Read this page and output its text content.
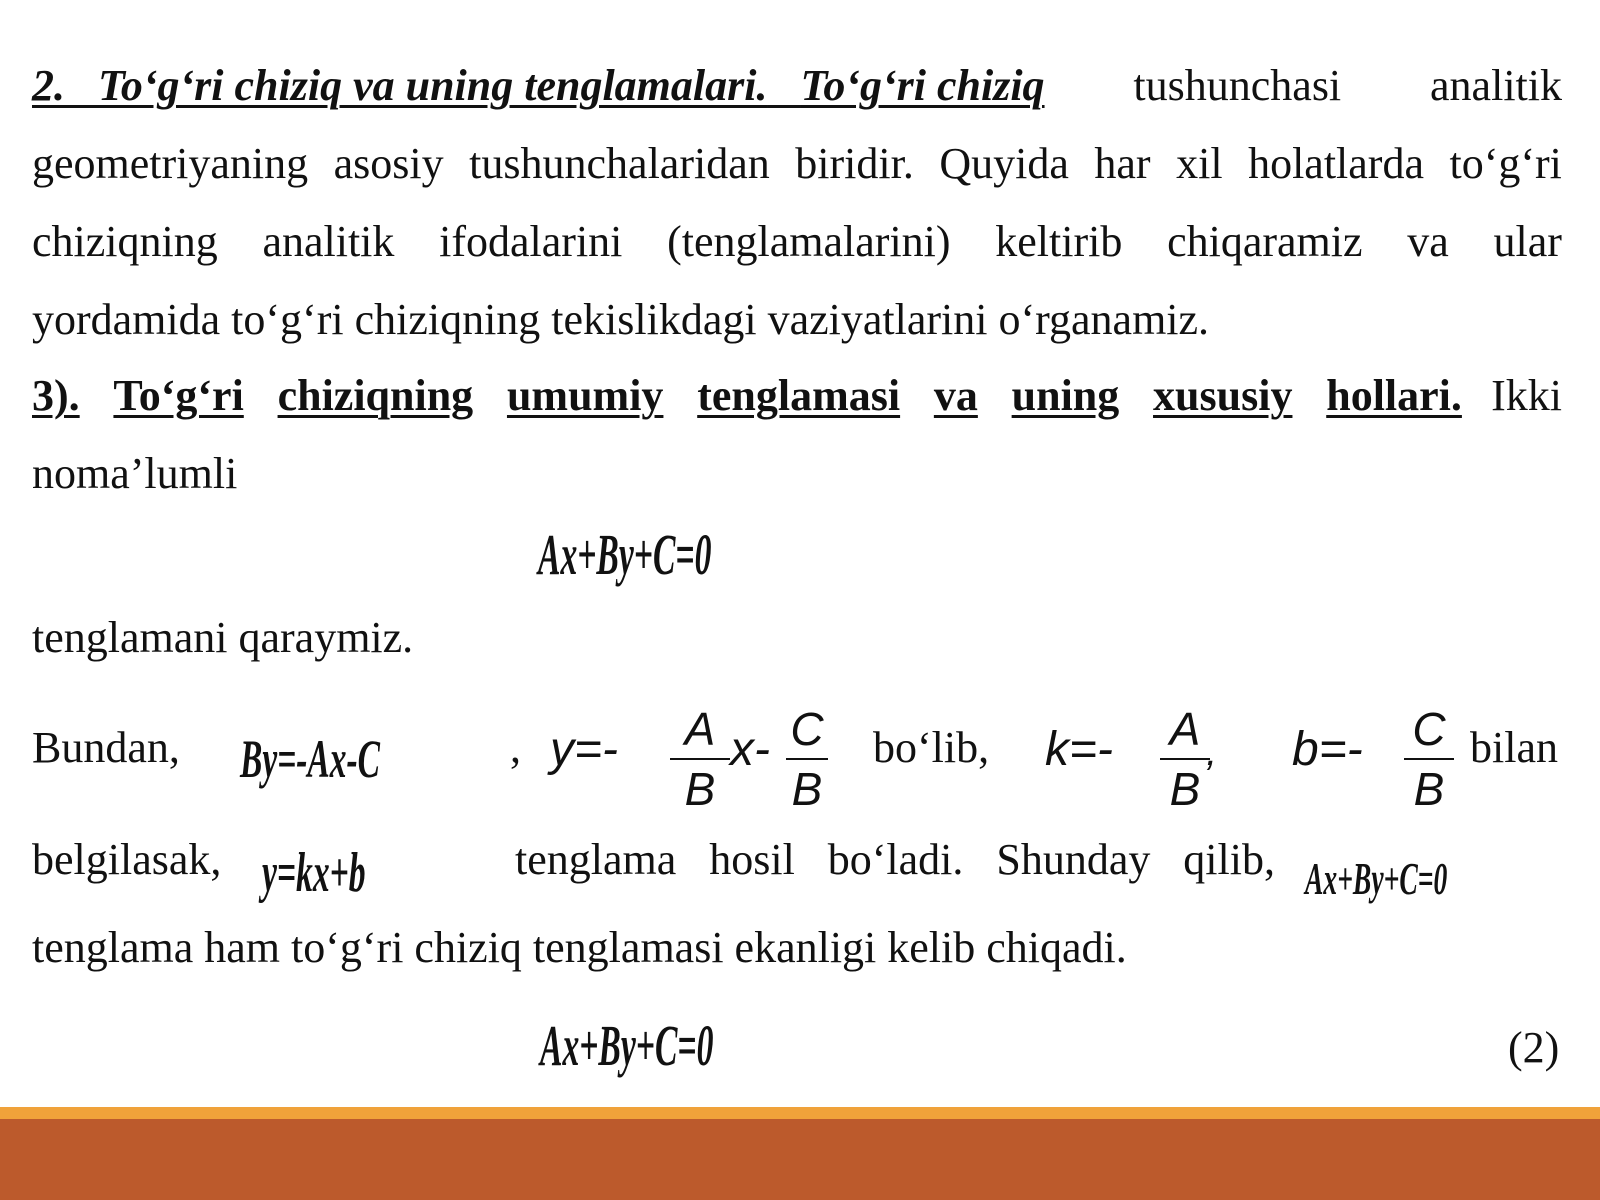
2. To‘g‘ri chiziq va uning tenglamalari. To‘g‘ri chiziq tushunchasi analitik
geometriyaning asosiy tushunchalaridan biridir. Quyida har xil holatlarda to‘g‘ri
chiziqning analitik ifodalarini (tenglamalarini) keltirib chiqaramiz va ular
yordamida to‘g‘ri chiziqning tekislikdagi vaziyatlarini o‘rganamiz.
3). To‘g‘ri chiziqning umumiy tenglamasi va uning xususiy hollari. Ikki
noma’lumli
Ax+By+C=0
tenglamani qaraymiz.
Bundan, By=-Ax-C	, y=-	A
B
x- C
B
bo‘lib, k=- A
B
, b=- C
B
bilan
belgilasak, y=kx+b	tenglama hosil bo‘ladi. Shunday qilib, Ax+By+C=0
tenglama ham to‘g‘ri chiziq tenglamasi ekanligi kelib chiqadi.
Ax+By+C=0	(2)
